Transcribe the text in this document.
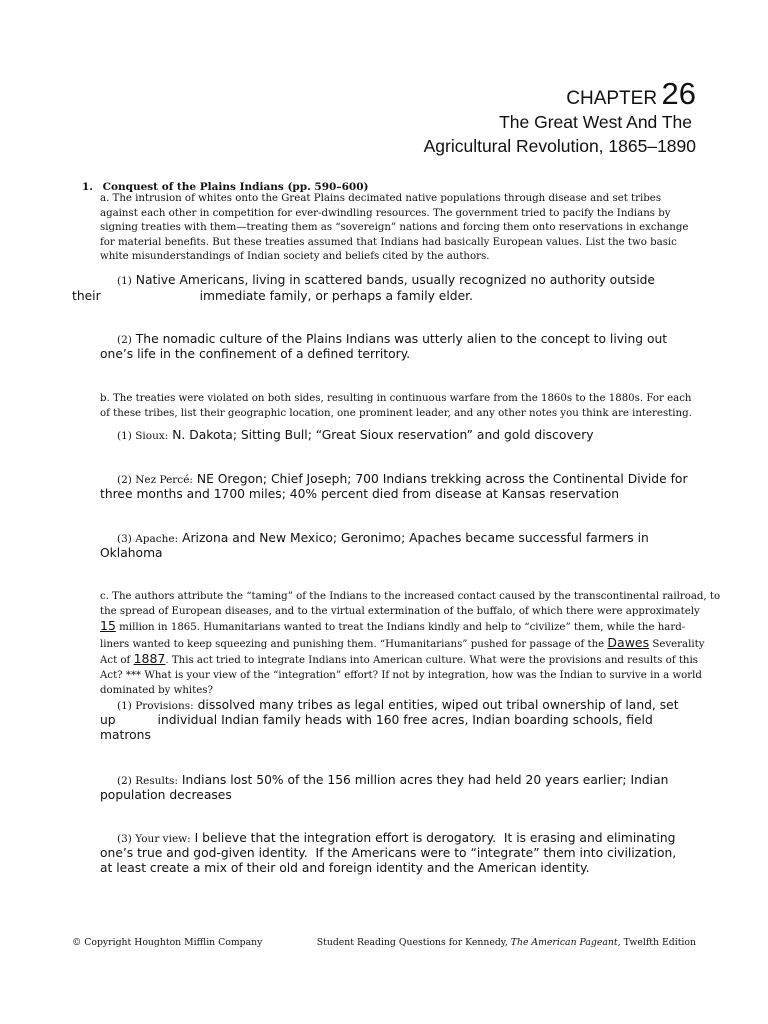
CHAPTER 26
The Great West And The
Agricultural Revolution, 1865–1890
1. Conquest of the Plains Indians (pp. 590–600)
a. The intrusion of whites onto the Great Plains decimated native populations through disease and set tribes against each other in competition for ever-dwindling resources. The government tried to pacify the Indians by signing treaties with them—treating them as “sovereign” nations and forcing them onto reservations in exchange for material benefits. But these treaties assumed that Indians had basically European values. List the two basic white misunderstandings of Indian society and beliefs cited by the authors.
(1) Native Americans, living in scattered bands, usually recognized no authority outside
their	immediate family, or perhaps a family elder.
(2) The nomadic culture of the Plains Indians was utterly alien to the concept to living out
one’s life in the confinement of a defined territory.
b. The treaties were violated on both sides, resulting in continuous warfare from the 1860s to the 1880s. For each of these tribes, list their geographic location, one prominent leader, and any other notes you think are interesting.
(1) Sioux: N. Dakota; Sitting Bull; “Great Sioux reservation” and gold discovery
(2) Nez Percé: NE Oregon; Chief Joseph; 700 Indians trekking across the Continental Divide for
three months and 1700 miles; 40% percent died from disease at Kansas reservation
(3) Apache: Arizona and New Mexico; Geronimo; Apaches became successful farmers in
Oklahoma
c. The authors attribute the “taming” of the Indians to the increased contact caused by the transcontinental railroad, to
the spread of European diseases, and to the virtual extermination of the buffalo, of which there were approximately
15 million in 1865. Humanitarians wanted to treat the Indians kindly and help to “civilize” them, while the hard-
liners wanted to keep squeezing and punishing them. “Humanitarians” pushed for passage of the Dawes Severality
Act of 1887. This act tried to integrate Indians into American culture. What were the provisions and results of this
Act? *** What is your view of the “integration” effort? If not by integration, how was the Indian to survive in a world
dominated by whites?
(1) Provisions: dissolved many tribes as legal entities, wiped out tribal ownership of land, set
up	individual Indian family heads with 160 free acres, Indian boarding schools, field
matrons
(2) Results: Indians lost 50% of the 156 million acres they had held 20 years earlier; Indian
population decreases
(3) Your view: I believe that the integration effort is derogatory.  It is erasing and eliminating
one’s true and god-given identity.  If the Americans were to “integrate” them into civilization,
at least create a mix of their old and foreign identity and the American identity.
© Copyright Houghton Mifflin Company	Student Reading Questions for Kennedy, The American Pageant, Twelfth Edition
